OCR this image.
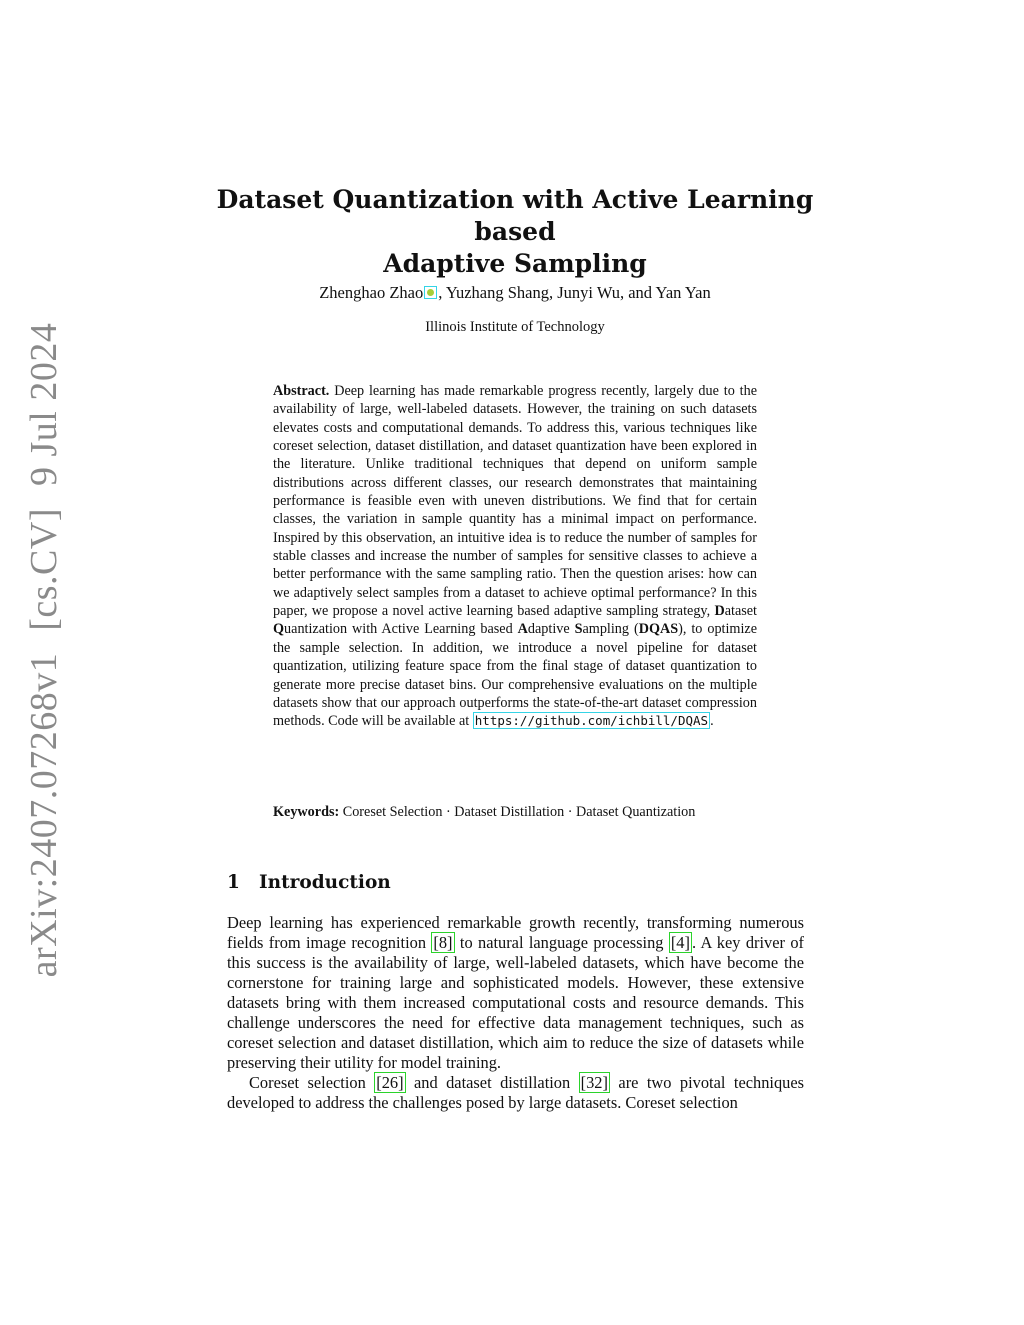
arXiv:2407.07268v1[cs.CV]9 Jul 2024
Dataset Quantization with Active Learning based
Adaptive Sampling
Zhenghao Zhao , Yuzhang Shang, Junyi Wu, and Yan Yan
Illinois Institute of Technology
Abstract. Deep learning has made remarkable progress recently, largely due to the availability of large, well-labeled datasets. However, the training on such datasets elevates costs and computational demands. To address this, various techniques like coreset selection, dataset distillation, and dataset quantization have been explored in the literature. Unlike traditional techniques that depend on uniform sample distributions across different classes, our research demonstrates that maintaining performance is feasible even with uneven distributions. We find that for certain classes, the variation in sample quantity has a minimal impact on performance. Inspired by this observation, an intuitive idea is to reduce the number of samples for stable classes and increase the number of samples for sensitive classes to achieve a better performance with the same sampling ratio. Then the question arises: how can we adaptively select samples from a dataset to achieve optimal performance? In this paper, we propose a novel active learning based adaptive sampling strategy, Dataset Quantization with Active Learning based Adaptive Sampling (DQAS), to optimize the sample selection. In addition, we introduce a novel pipeline for dataset quantization, utilizing feature space from the final stage of dataset quantization to generate more precise dataset bins. Our comprehensive evaluations on the multiple datasets show that our approach outperforms the state-of-the-art dataset compression methods. Code will be available at https://github.com/ichbill/DQAS .
Keywords: Coreset Selection · Dataset Distillation · Dataset Quantization
1 Introduction

Deep learning has experienced remarkable growth recently, transforming numerous fields from image recognition [8] to natural language processing [4] . A key driver of this success is the availability of large, well-labeled datasets, which have become the cornerstone for training large and sophisticated models. However, these extensive datasets bring with them increased computational costs and resource demands. This challenge underscores the need for effective data management techniques, such as coreset selection and dataset distillation, which aim to reduce the size of datasets while preserving their utility for model training.

Coreset selection [26] and dataset distillation [32] are two pivotal techniques developed to address the challenges posed by large datasets. Coreset selection
